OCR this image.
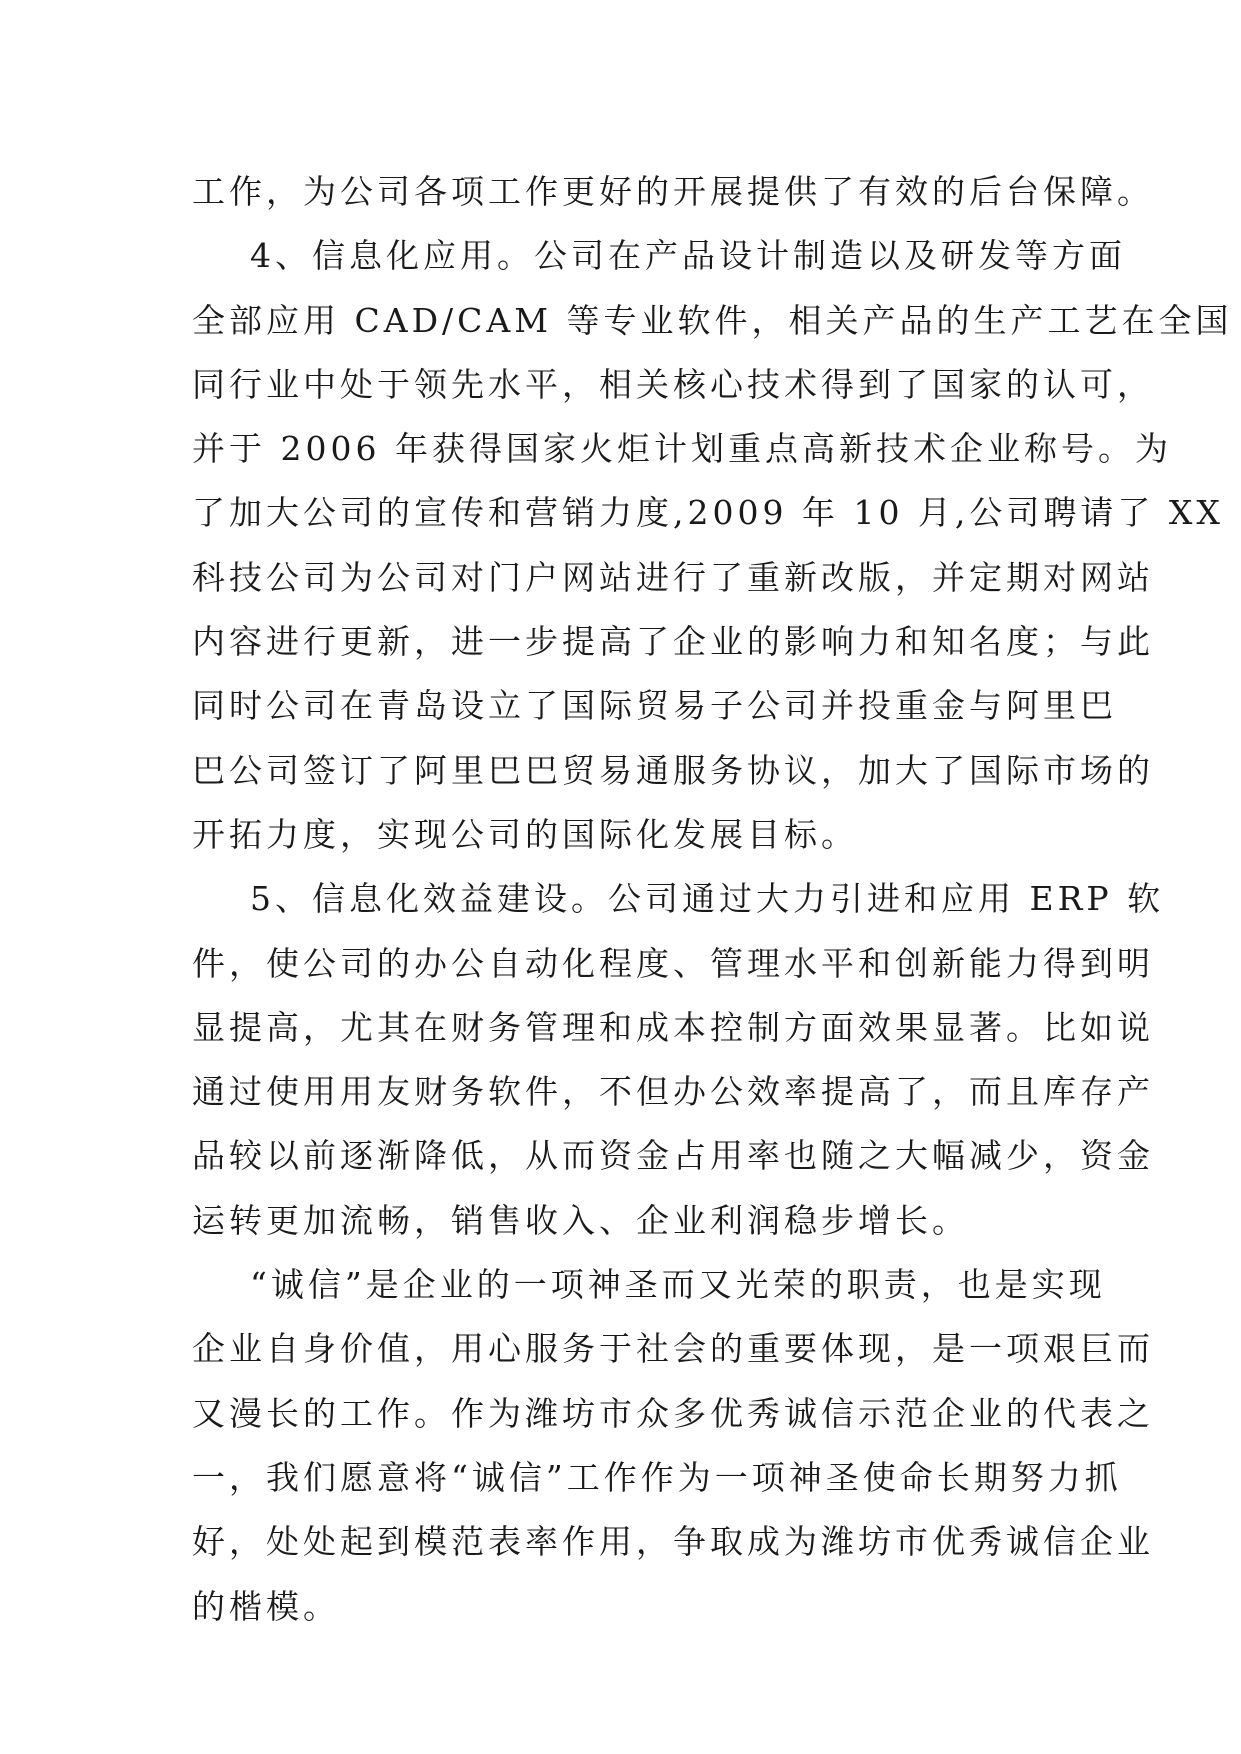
工作，为公司各项工作更好的开展提供了有效的后台保障。
4、信息化应用。公司在产品设计制造以及研发等方面
全部应用 CAD/CAM 等专业软件，相关产品的生产工艺在全国
同行业中处于领先水平，相关核心技术得到了国家的认可，
并于 2006 年获得国家火炬计划重点高新技术企业称号。为
了加大公司的宣传和营销力度,2009 年 10 月,公司聘请了 XX
科技公司为公司对门户网站进行了重新改版，并定期对网站
内容进行更新，进一步提高了企业的影响力和知名度；与此
同时公司在青岛设立了国际贸易子公司并投重金与阿里巴
巴公司签订了阿里巴巴贸易通服务协议，加大了国际市场的
开拓力度，实现公司的国际化发展目标。
5、信息化效益建设。公司通过大力引进和应用 ERP 软
件，使公司的办公自动化程度、管理水平和创新能力得到明
显提高，尤其在财务管理和成本控制方面效果显著。比如说
通过使用用友财务软件，不但办公效率提高了，而且库存产
品较以前逐渐降低，从而资金占用率也随之大幅减少，资金
运转更加流畅，销售收入、企业利润稳步增长。
“诚信”是企业的一项神圣而又光荣的职责，也是实现
企业自身价值，用心服务于社会的重要体现，是一项艰巨而
又漫长的工作。作为潍坊市众多优秀诚信示范企业的代表之
一，我们愿意将“诚信”工作作为一项神圣使命长期努力抓
好，处处起到模范表率作用，争取成为潍坊市优秀诚信企业
的楷模。
